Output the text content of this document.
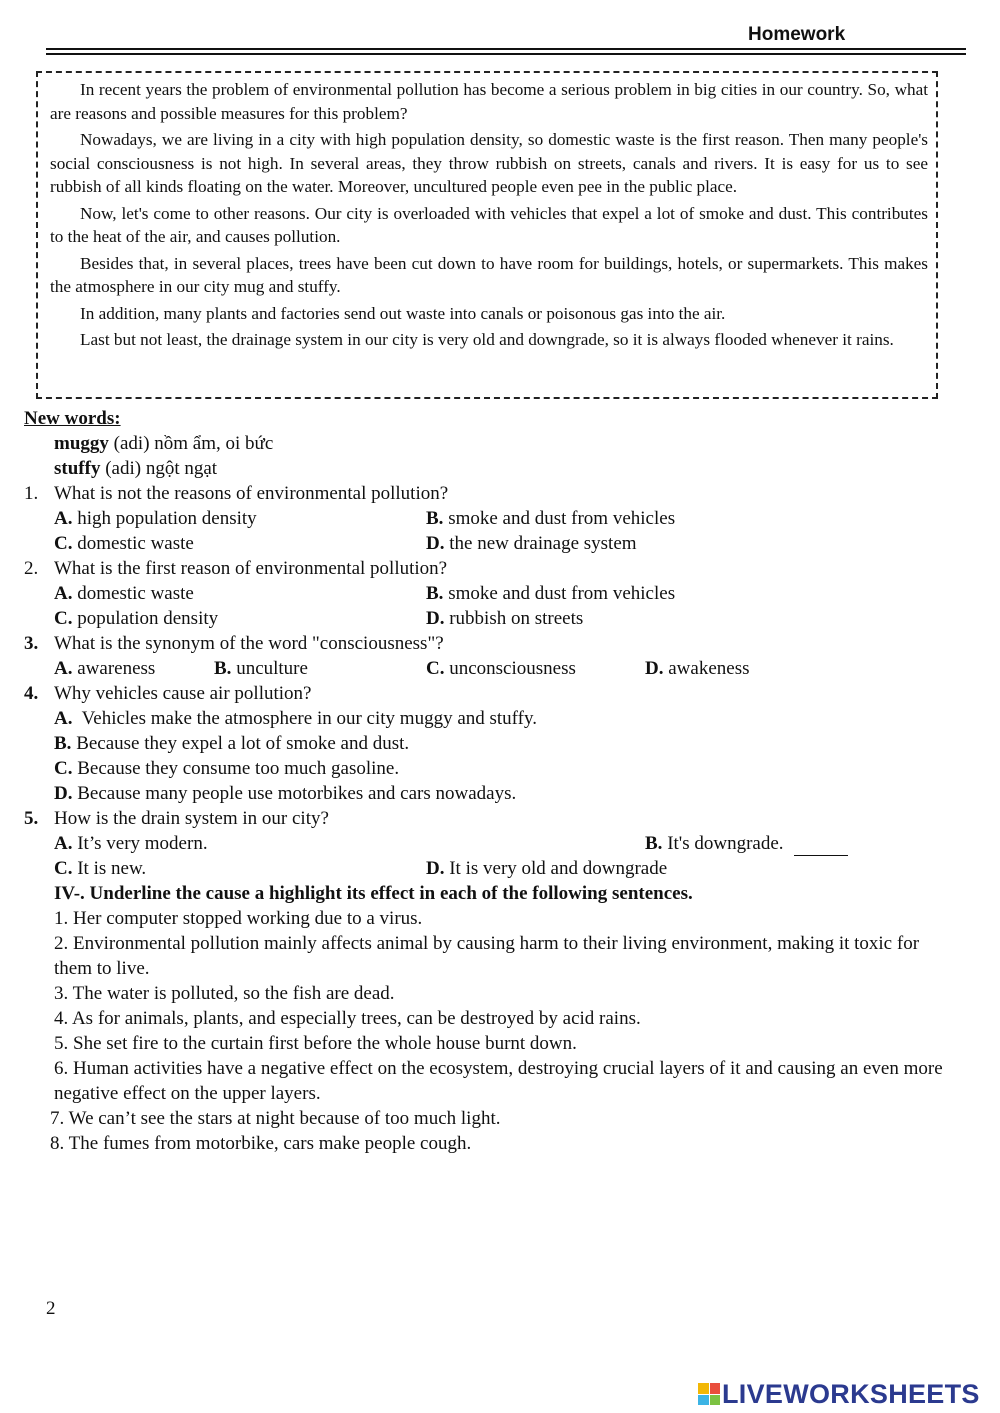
Homework

In recent years the problem of environmental pollution has become a serious problem in big cities in our country. So, what are reasons and possible measures for this problem?

Nowadays, we are living in a city with high population density, so domestic waste is the first reason. Then many people's social consciousness is not high. In several areas, they throw rubbish on streets, canals and rivers. It is easy for us to see rubbish of all kinds floating on the water. Moreover, uncultured people even pee in the public place.

Now, let's come to other reasons. Our city is overloaded with vehicles that expel a lot of smoke and dust. This contributes to the heat of the air, and causes pollution.

Besides that, in several places, trees have been cut down to have room for buildings, hotels, or supermarkets. This makes the atmosphere in our city mug and stuffy.

In addition, many plants and factories send out waste into canals or poisonous gas into the air.

Last but not least, the drainage system in our city is very old and downgrade, so it is always flooded whenever it rains.

New words:
muggy (adi) nồm ẩm, oi bức
stuffy (adi) ngột ngạt
1. What is not the reasons of environmental pollution?
A. high population density	B. smoke and dust from vehicles
C. domestic waste	D. the new drainage system
2. What is the first reason of environmental pollution?
A. domestic waste	B. smoke and dust from vehicles
C. population density	D. rubbish on streets
3. What is the synonym of the word "consciousness"?
A. awareness	B. unculture	C. unconsciousness	D. awakeness
4. Why vehicles cause air pollution?
A.  Vehicles make the atmosphere in our city muggy and stuffy.
B. Because they expel a lot of smoke and dust.
C. Because they consume too much gasoline.
D. Because many people use motorbikes and cars nowadays.
5. How is the drain system in our city?
A. It’s very modern.	B. It's downgrade.
C. It is new.	D. It is very old and downgrade
IV-. Underline the cause a highlight its effect in each of the following sentences.
1. Her computer stopped working due to a virus.
2. Environmental pollution mainly affects animal by causing harm to their living environment, making it toxic for them to live.
3. The water is polluted, so the fish are dead.
4. As for animals, plants, and especially trees, can be destroyed by acid rains.
5. She set fire to the curtain first before the whole house burnt down.
6. Human activities have a negative effect on the ecosystem, destroying crucial layers of it and causing an even more negative effect on the upper layers.
7. We can’t see the stars at night because of too much light.
8. The fumes from motorbike, cars make people cough.
2
LIVEWORKSHEETS
